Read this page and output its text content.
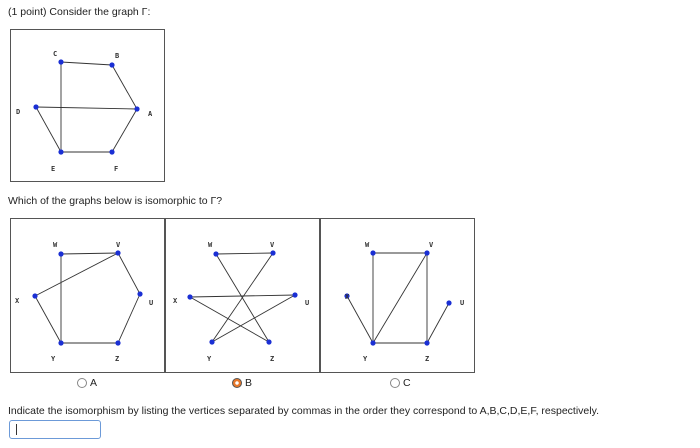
(1 point) Consider the graph Γ:
C	B
D	A
E	F
Which of the graphs below is isomorphic to Γ?
W	V
X	U
Y	Z
W	V
X	U
Y	Z
W	V
X
U
Y	Z
A	B	C
Indicate the isomorphism by listing the vertices separated by commas in the order they correspond to A,B,C,D,E,F, respectively.
